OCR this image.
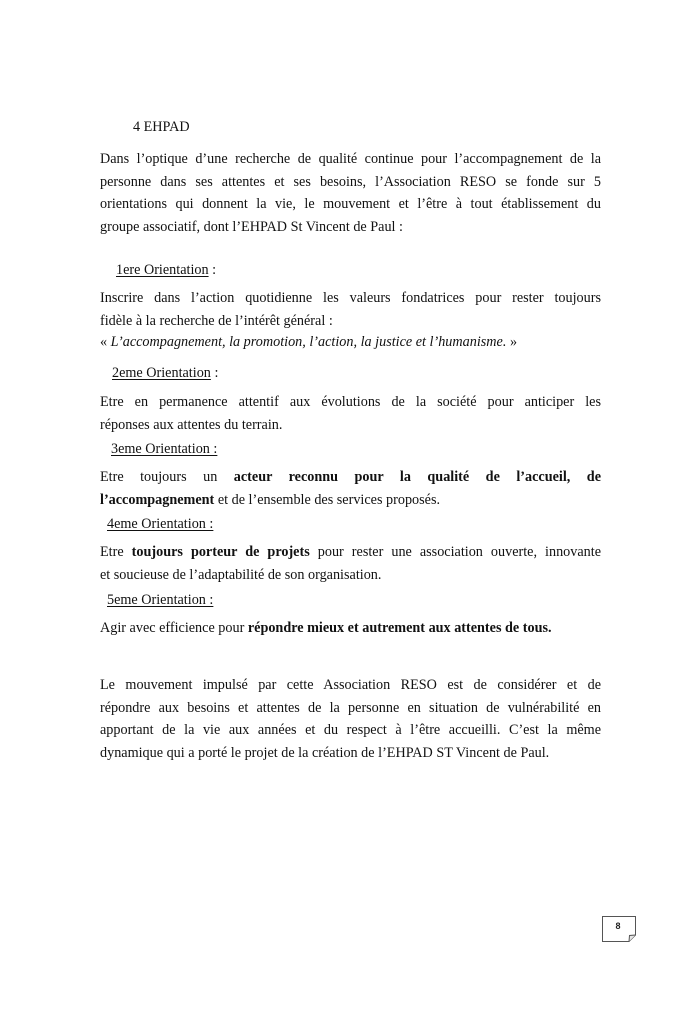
4 EHPAD
Dans l’optique d’une recherche de qualité continue pour l’accompagnement de la
personne dans ses attentes et ses besoins, l’Association RESO se fonde sur 5
orientations qui donnent la vie, le mouvement et l’être à tout établissement du
groupe associatif, dont l’EHPAD St Vincent de Paul :
1ere Orientation :
Inscrire dans l’action quotidienne les valeurs fondatrices pour rester toujours
fidèle à la recherche de l’intérêt général :
« L’accompagnement, la promotion, l’action, la justice et l’humanisme. »
2eme Orientation :
Etre en permanence attentif aux évolutions de la société pour anticiper les
réponses aux attentes du terrain.
3eme Orientation :
Etre toujours un acteur reconnu pour la qualité de l’accueil, de
l’accompagnement et de l’ensemble des services proposés.
4eme Orientation :
Etre toujours porteur de projets pour rester une association ouverte, innovante
et soucieuse de l’adaptabilité de son organisation.
5eme Orientation :
Agir avec efficience pour répondre mieux et autrement aux attentes de tous.
Le mouvement impulsé par cette Association RESO est de considérer et de
répondre aux besoins et attentes de la personne en situation de vulnérabilité en
apportant de la vie aux années et du respect à l’être accueilli. C’est la même
dynamique qui a porté le projet de la création de l’EHPAD ST Vincent de Paul.
8
